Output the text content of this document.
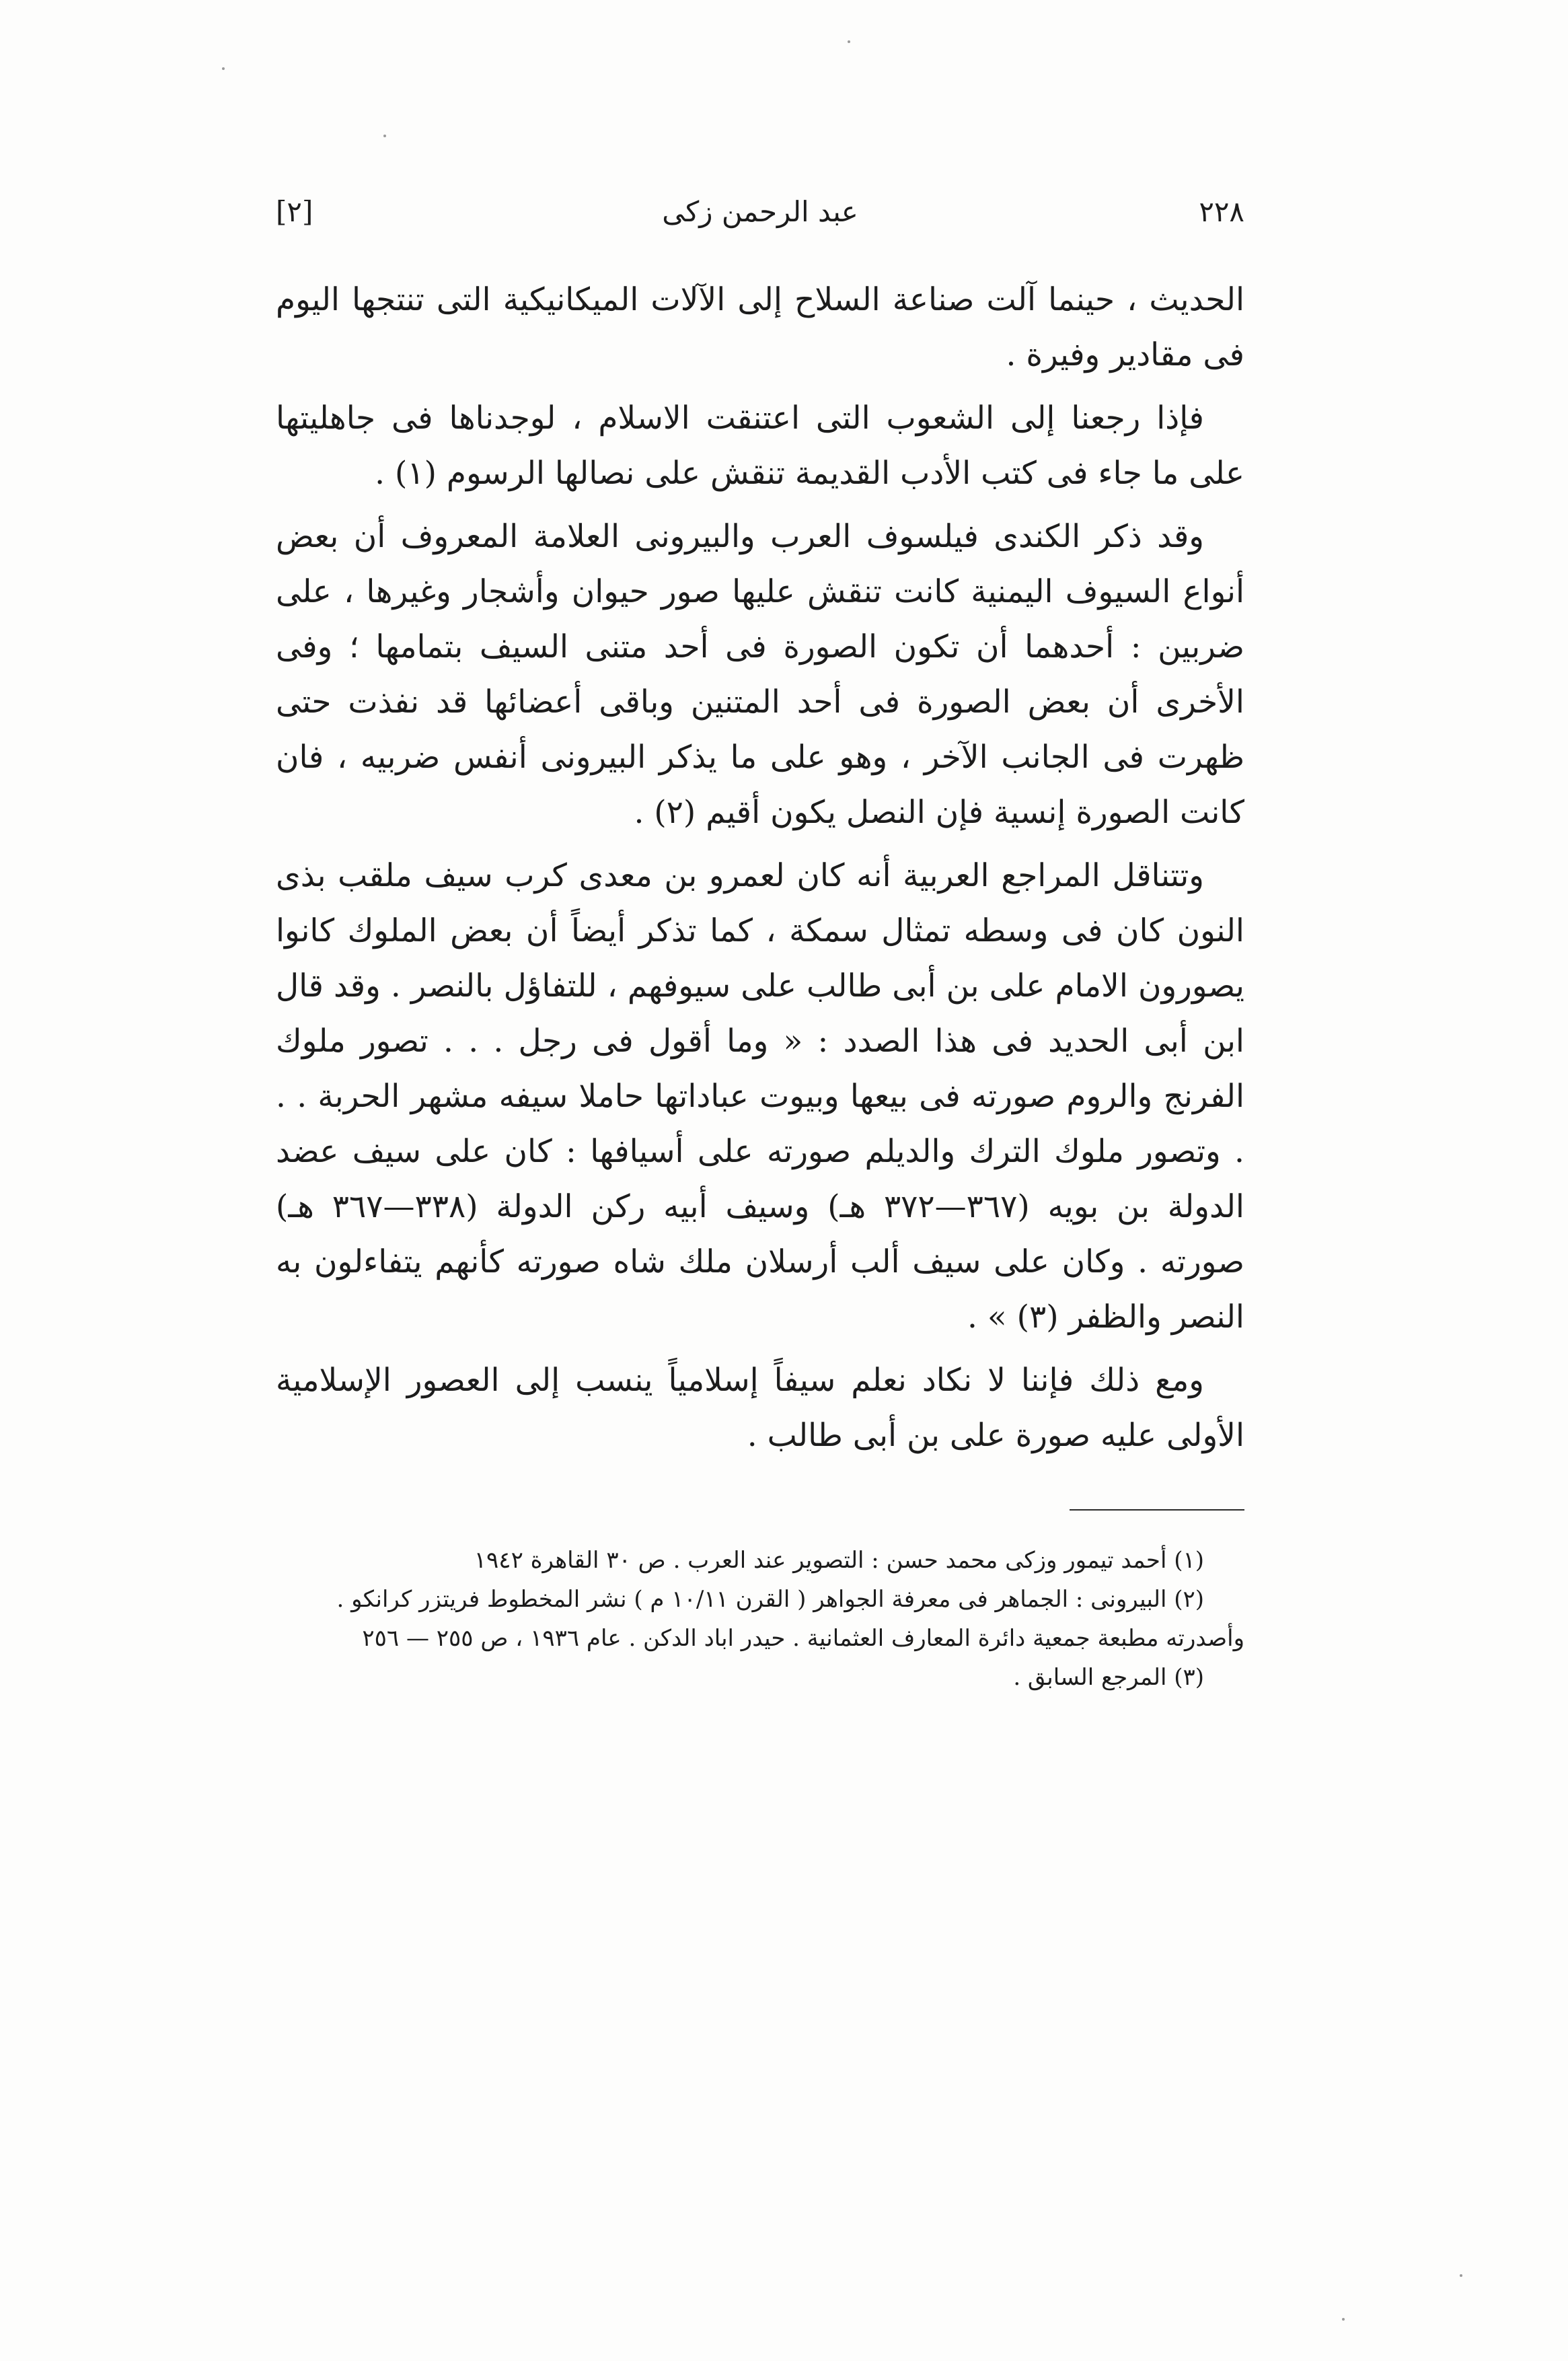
٢٢٨
عبد الرحمن زكى
[٢]

الحديث ، حينما آلت صناعة السلاح إلى الآلات الميكانيكية التى تنتجها اليوم فى مقادير وفيرة .

فإذا رجعنا إلى الشعوب التى اعتنقت الاسلام ، لوجدناها فى جاهليتها على ما جاء فى كتب الأدب القديمة تنقش على نصالها الرسوم (١) .

وقد ذكر الكندى فيلسوف العرب والبيرونى العلامة المعروف أن بعض أنواع السيوف اليمنية كانت تنقش عليها صور حيوان وأشجار وغيرها ، على ضربين : أحدهما أن تكون الصورة فى أحد متنى السيف بتمامها ؛ وفى الأخرى أن بعض الصورة فى أحد المتنين وباقى أعضائها قد نفذت حتى ظهرت فى الجانب الآخر ، وهو على ما يذكر البيرونى أنفس ضربيه ، فان كانت الصورة إنسية فإن النصل يكون أقيم (٢) .

وتتناقل المراجع العربية أنه كان لعمرو بن معدى كرب سيف ملقب بذى النون كان فى وسطه تمثال سمكة ، كما تذكر أيضاً أن بعض الملوك كانوا يصورون الامام على بن أبى طالب على سيوفهم ، للتفاؤل بالنصر . وقد قال ابن أبى الحديد فى هذا الصدد : « وما أقول فى رجل . . . تصور ملوك الفرنج والروم صورته فى بيعها وبيوت عباداتها حاملا سيفه مشهر الحربة . . . وتصور ملوك الترك والديلم صورته على أسيافها : كان على سيف عضد الدولة بن بويه (٣٦٧—٣٧٢ هـ) وسيف أبيه ركن الدولة (٣٣٨—٣٦٧ هـ) صورته . وكان على سيف ألب أرسلان ملك شاه صورته كأنهم يتفاءلون به النصر والظفر (٣) » .

ومع ذلك فإننا لا نكاد نعلم سيفاً إسلامياً ينسب إلى العصور الإسلامية الأولى عليه صورة على بن أبى طالب .

(١) أحمد تيمور وزكى محمد حسن : التصوير عند العرب . ص ٣٠ القاهرة ١٩٤٢

(٢) البيرونى : الجماهر فى معرفة الجواهر ( القرن ١٠/١١ م ) نشر المخطوط فريتزر كرانكو .

وأصدرته مطبعة جمعية دائرة المعارف العثمانية . حيدر اباد الدكن . عام ١٩٣٦ ، ص ٢٥٥ — ٢٥٦

(٣) المرجع السابق .
